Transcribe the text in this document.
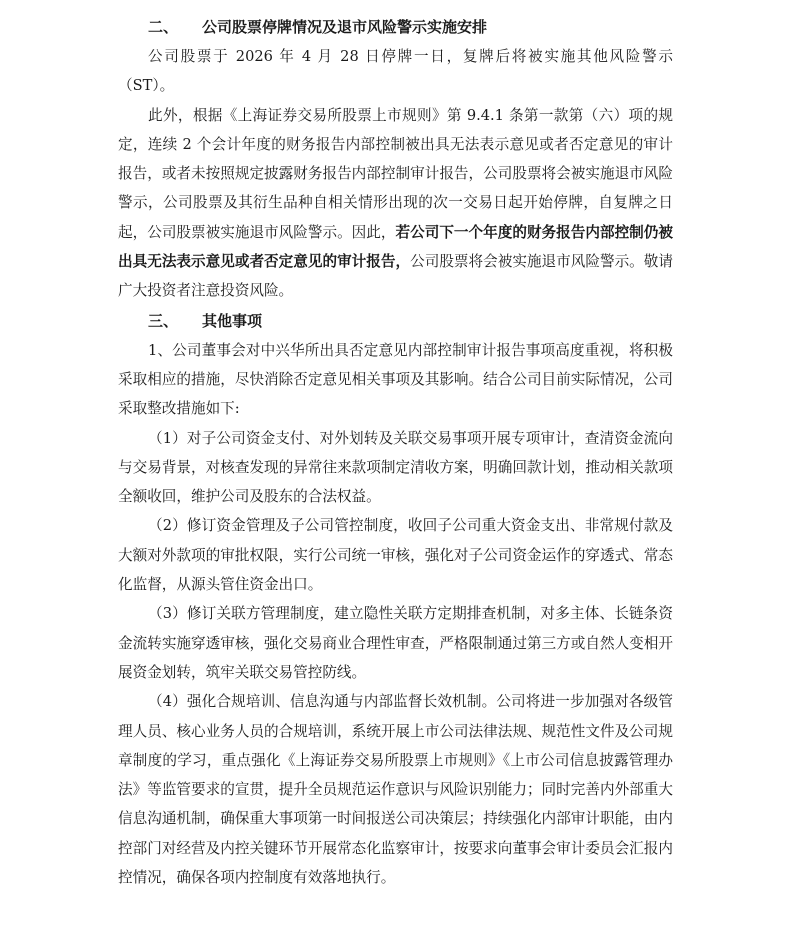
二、 公司股票停牌情况及退市风险警示实施安排

公司股票于 2026 年 4 月 28 日停牌一日，复牌后将被实施其他风险警示（ST）。

此外，根据《上海证券交易所股票上市规则》第 9.4.1 条第一款第（六）项的规定，连续 2 个会计年度的财务报告内部控制被出具无法表示意见或者否定意见的审计报告，或者未按照规定披露财务报告内部控制审计报告，公司股票将会被实施退市风险警示，公司股票及其衍生品种自相关情形出现的次一交易日起开始停牌，自复牌之日起，公司股票被实施退市风险警示。因此，若公司下一个年度的财务报告内部控制仍被出具无法表示意见或者否定意见的审计报告，公司股票将会被实施退市风险警示。敬请广大投资者注意投资风险。

三、 其他事项

1、公司董事会对中兴华所出具否定意见内部控制审计报告事项高度重视，将积极采取相应的措施，尽快消除否定意见相关事项及其影响。结合公司目前实际情况，公司采取整改措施如下:

（1）对子公司资金支付、对外划转及关联交易事项开展专项审计，查清资金流向与交易背景，对核查发现的异常往来款项制定清收方案，明确回款计划，推动相关款项全额收回，维护公司及股东的合法权益。

（2）修订资金管理及子公司管控制度，收回子公司重大资金支出、非常规付款及大额对外款项的审批权限，实行公司统一审核，强化对子公司资金运作的穿透式、常态化监督，从源头管住资金出口。

（3）修订关联方管理制度，建立隐性关联方定期排查机制，对多主体、长链条资金流转实施穿透审核，强化交易商业合理性审查，严格限制通过第三方或自然人变相开展资金划转，筑牢关联交易管控防线。

（4）强化合规培训、信息沟通与内部监督长效机制。公司将进一步加强对各级管理人员、核心业务人员的合规培训，系统开展上市公司法律法规、规范性文件及公司规章制度的学习，重点强化《上海证券交易所股票上市规则》《上市公司信息披露管理办法》等监管要求的宣贯，提升全员规范运作意识与风险识别能力；同时完善内外部重大信息沟通机制，确保重大事项第一时间报送公司决策层；持续强化内部审计职能，由内控部门对经营及内控关键环节开展常态化监察审计，按要求向董事会审计委员会汇报内控情况，确保各项内控制度有效落地执行。
